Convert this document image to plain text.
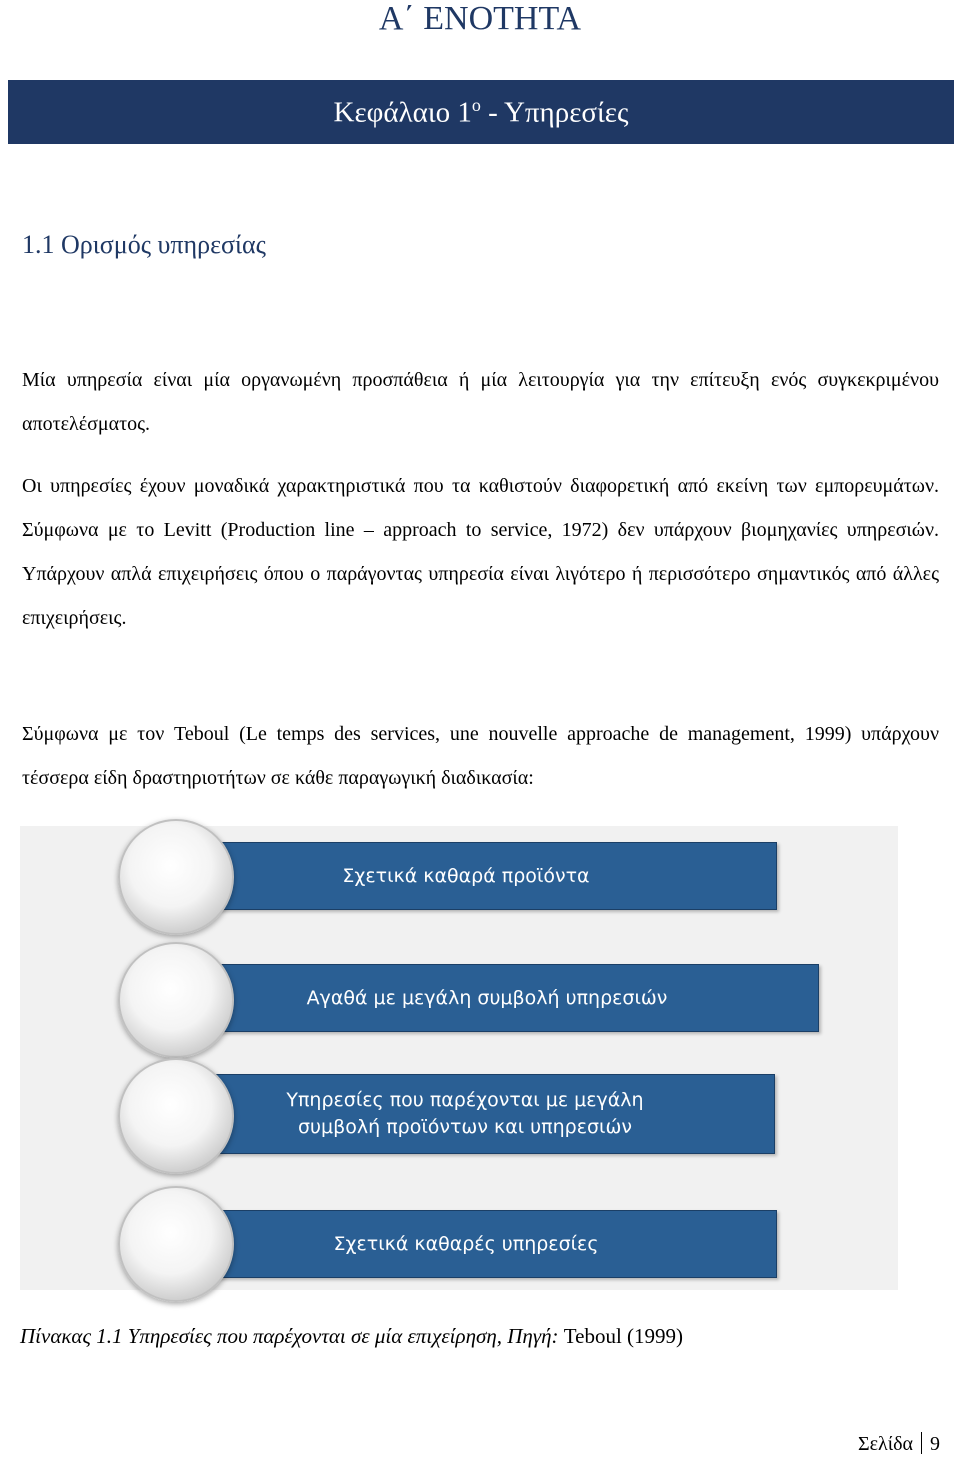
Α΄ ΕΝΟΤΗΤΑ
Κεφάλαιο $1^o$ - Υπηρεσίες
1.1 Ορισμός υπηρεσίας
Μία υπηρεσία είναι μία οργανωμένη προσπάθεια ή μία λειτουργία για την επίτευξη ενός συγκεκριμένου αποτελέσματος.
Οι υπηρεσίες έχουν μοναδικά χαρακτηριστικά που τα καθιστούν διαφορετική από εκείνη των εμπορευμάτων. Σύμφωνα με το Levitt (Production line – approach to service, 1972) δεν υπάρχουν βιομηχανίες υπηρεσιών. Υπάρχουν απλά επιχειρήσεις όπου ο παράγοντας υπηρεσία είναι λιγότερο ή περισσότερο σημαντικός από άλλες επιχειρήσεις.
Σύμφωνα με τον Teboul (Le temps des services, une nouvelle approache de management, 1999) υπάρχουν τέσσερα είδη δραστηριοτήτων σε κάθε παραγωγική διαδικασία:
Σχετικά καθαρά προϊόντα
Αγαθά με μεγάλη συμβολή υπηρεσιών
Υπηρεσίες που παρέχονται με μεγάλη συμβολή προϊόντων και υπηρεσιών
Σχετικά καθαρές υπηρεσίες
Πίνακας 1.1 Υπηρεσίες που παρέχονται σε μία επιχείρηση, Πηγή: Teboul (1999)
Σελίδα 9
